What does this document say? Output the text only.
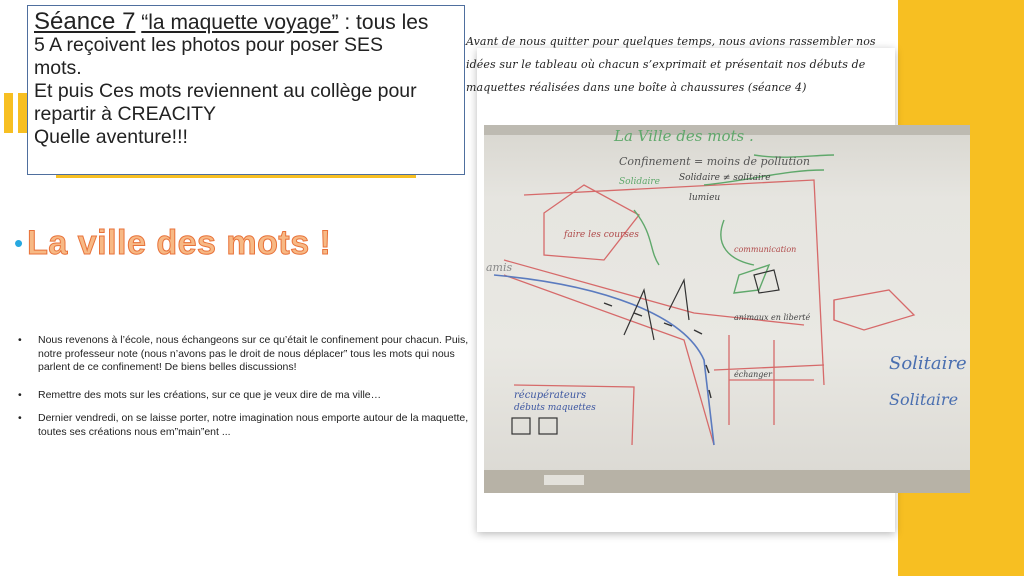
Séance 7 “la maquette voyage” : tous les
5 A reçoivent les photos pour poser SES
mots.
Et puis Ces mots reviennent au collège pour
repartir à CREACITY
Quelle aventure!!!
• La ville des mots !
•	Nous revenons à l’école, nous échangeons sur ce qu’était le confinement pour chacun. Puis, notre professeur note (nous n’avons pas le droit de nous déplacer” tous les mots qui nous parlent de ce confinement! De biens belles discussions!
•	Remettre des mots sur les créations, sur ce que je veux dire de ma ville…
•	Dernier vendredi, on se laisse porter, notre imagination nous emporte autour de la maquette, toutes ses créations nous em”main”ent ...
Avant de nous quitter pour quelques temps, nous avions rassembler nos idées sur le tableau où chacun s’exprimait et présentait nos débuts de maquettes réalisées dans une boîte à chaussures (séance 4)
La Ville des mots .
Confinement = moins de pollution
Solidaire Solidaire ≠ solitaire
lumieu
faire les courses
amis
communication
animaux en liberté
échanger
récupérateurs
débuts maquettes
Solitaire
Solitaire
